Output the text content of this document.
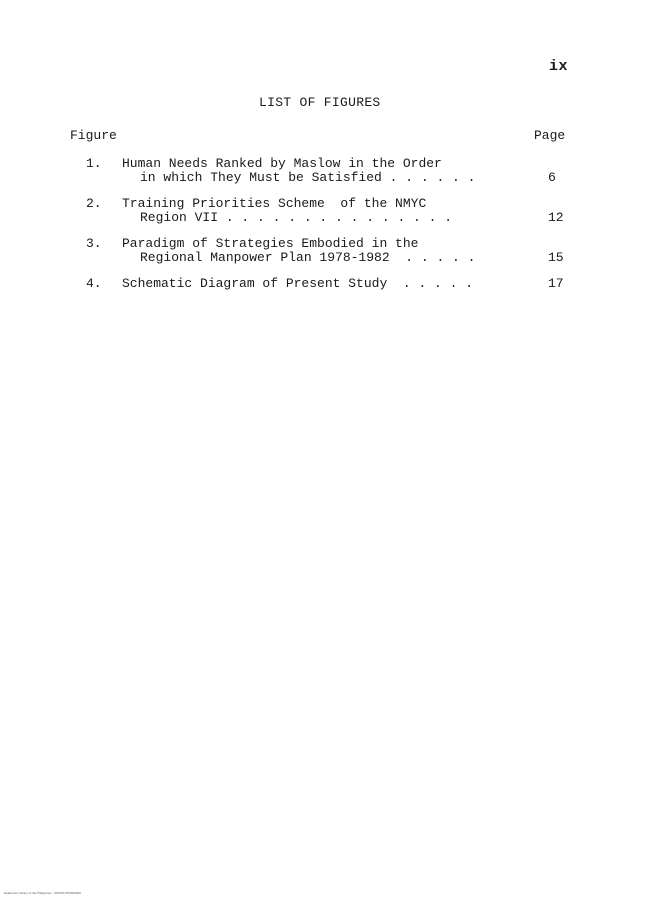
ix
LIST OF FIGURES
Figure	Page
1. Human Needs Ranked by Maslow in the Order
in which They Must be Satisfied . . . . . .	6
2. Training Priorities Scheme  of the NMYC
Region VII . . . . . . . . . . . . . . .	12
3. Paradigm of Strategies Embodied in the
Regional Manpower Plan 1978-1982  . . . . .	15
4. Schematic Diagram of Present Study  . . . . .	17
Reference Library of the Philippines · 0070707070020200 ·
